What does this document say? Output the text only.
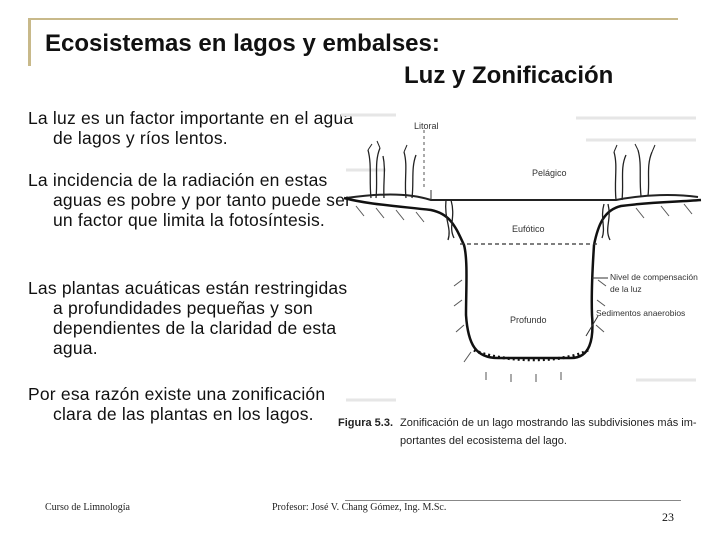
Ecosistemas en lagos y embalses:
Luz y Zonificación
La luz es un factor importante en el agua de lagos y ríos lentos.
La incidencia de la radiación en estas aguas es pobre y por tanto puede ser un factor que limita la fotosíntesis.
Las plantas acuáticas están restringidas a profundidades pequeñas y son dependientes de la claridad de esta agua.
Por esa razón existe una zonificación clara de las plantas en los lagos.
Litoral
Pelágico
Eufótico
Nivel de compensación
de la luz
Profundo
Sedimentos anaerobios
Figura 5.3. Zonificación de un lago mostrando las subdivisiones más im-
portantes del ecosistema del lago.
Curso de Limnología	Profesor: José V. Chang Gómez, Ing. M.Sc.
23
